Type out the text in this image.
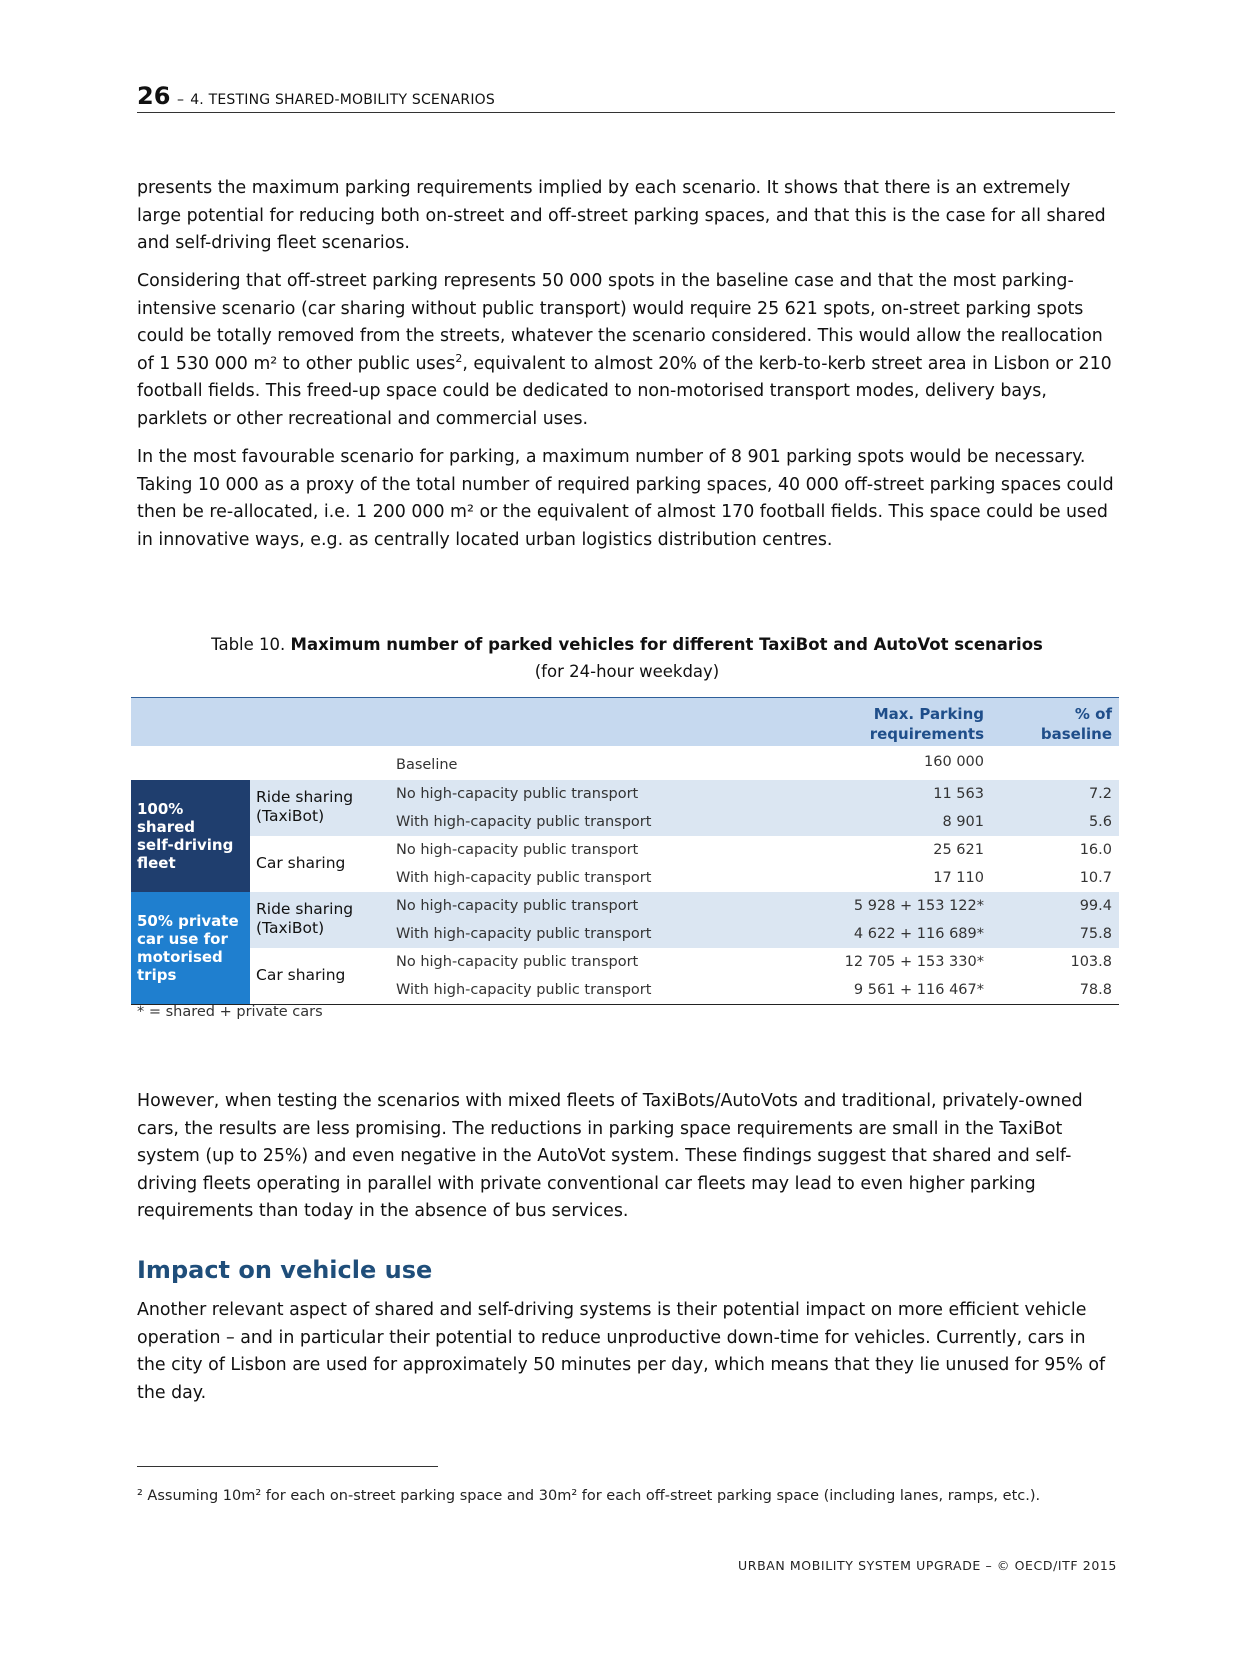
26 – 4. TESTING SHARED-MOBILITY SCENARIOS

presents the maximum parking requirements implied by each scenario. It shows that there is an extremely large potential for reducing both on-street and off-street parking spaces, and that this is the case for all shared and self-driving fleet scenarios.

Considering that off-street parking represents 50 000 spots in the baseline case and that the most parking-intensive scenario (car sharing without public transport) would require 25 621 spots, on-street parking spots could be totally removed from the streets, whatever the scenario considered. This would allow the reallocation of 1 530 000 m² to other public uses$^2$, equivalent to almost 20% of the kerb-to-kerb street area in Lisbon or 210 football fields. This freed-up space could be dedicated to non-motorised transport modes, delivery bays, parklets or other recreational and commercial uses.

In the most favourable scenario for parking, a maximum number of 8 901 parking spots would be necessary. Taking 10 000 as a proxy of the total number of required parking spaces, 40 000 off-street parking spaces could then be re-allocated, i.e. 1 200 000 m² or the equivalent of almost 170 football fields. This space could be used in innovative ways, e.g. as centrally located urban logistics distribution centres.

Table 10. Maximum number of parked vehicles for different TaxiBot and AutoVot scenarios
(for 24-hour weekday)
Max. Parking
requirements
% of
baseline
Baseline	160 000
100%
shared
self-driving
fleet
Ride sharing
(TaxiBot)
No high-capacity public transport	11 563	7.2
With high-capacity public transport	8 901	5.6
Car sharing
No high-capacity public transport	25 621	16.0
With high-capacity public transport	17 110	10.7
50% private
car use for
motorised
trips
Ride sharing
(TaxiBot)
No high-capacity public transport	5 928 + 153 122*	99.4
With high-capacity public transport	4 622 + 116 689*	75.8
Car sharing
No high-capacity public transport	12 705 + 153 330*	103.8
With high-capacity public transport	9 561 + 116 467*	78.8
* = shared + private cars

However, when testing the scenarios with mixed fleets of TaxiBots/AutoVots and traditional, privately-owned cars, the results are less promising. The reductions in parking space requirements are small in the TaxiBot system (up to 25%) and even negative in the AutoVot system. These findings suggest that shared and self-driving fleets operating in parallel with private conventional car fleets may lead to even higher parking requirements than today in the absence of bus services.

Impact on vehicle use

Another relevant aspect of shared and self-driving systems is their potential impact on more efficient vehicle operation – and in particular their potential to reduce unproductive down-time for vehicles. Currently, cars in the city of Lisbon are used for approximately 50 minutes per day, which means that they lie unused for 95% of the day.

² Assuming 10m² for each on-street parking space and 30m² for each off-street parking space (including lanes, ramps, etc.).
URBAN MOBILITY SYSTEM UPGRADE – © OECD/ITF 2015
